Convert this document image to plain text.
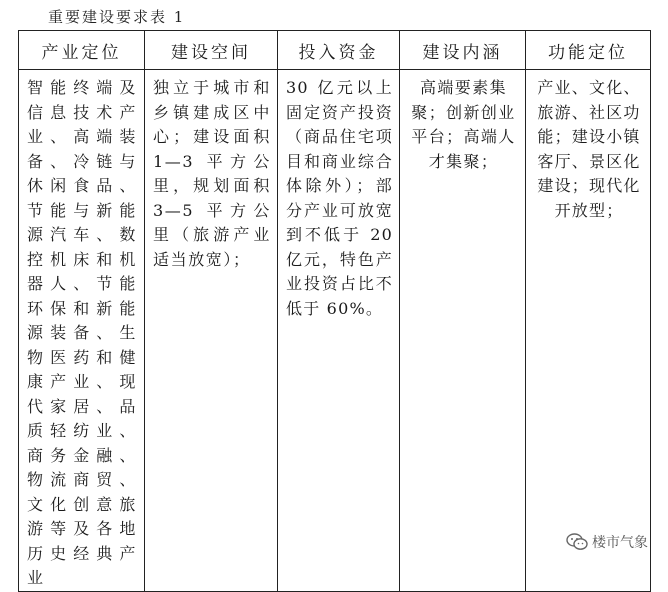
重要建设要求表 1
产业定位	建设空间	投入资金	建设内涵	功能定位

智能终端及信息技术产业、高端装备、冷链与休闲食品、节能与新能源汽车、数控机床和机器人、节能环保和新能源装备、生物医药和健康产业、现代家居、品质轻纺业、商务金融、物流商贸、文化创意旅游等及各地历史经典产业	独立于城市和乡镇建成区中心；建设面积 1—3 平方公里，规划面积 3—5 平方公里（旅游产业适当放宽）；	30 亿元以上固定资产投资（商品住宅项目和商业综合体除外）；部分产业可放宽到不低于 20 亿元，特色产业投资占比不低于 60%。	高端要素集聚；创新创业平台；高端人才集聚；	产业、文化、旅游、社区功能；建设小镇客厅、景区化建设；现代化开放型；
楼市气象
